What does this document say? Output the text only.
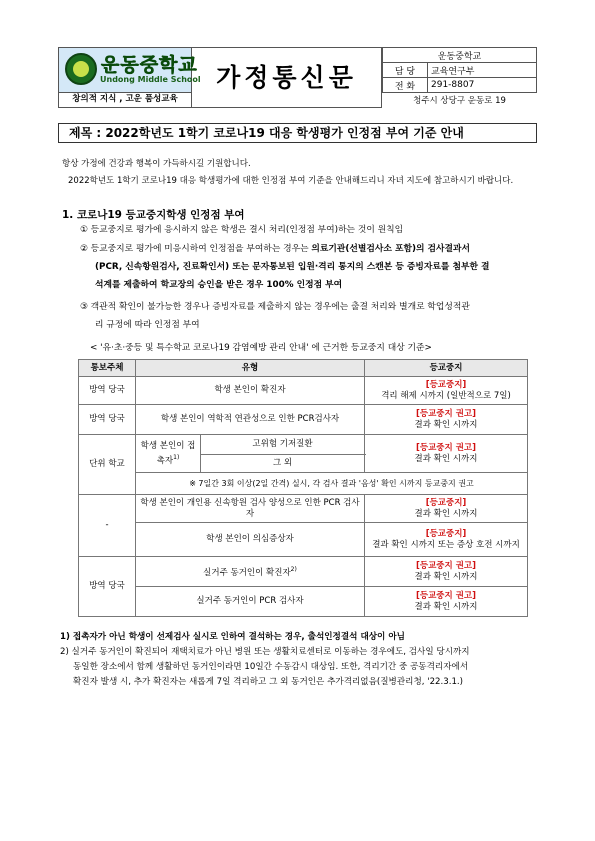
운동중학교
Undong Middle School
창의적 지식 , 고운 품성교육
가정통신문
운동중학교	
담 당	교육연구부
전 화	291-8807
청주시 상당구 운동로 19
제목 : 2022학년도 1학기 코로나19 대응 학생평가 인정점 부여 기준 안내
항상 가정에 건강과 행복이 가득하시길 기원합니다.
2022학년도 1학기 코로나19 대응 학생평가에 대한 인정점 부여 기준을 안내해드리니 자녀 지도에 참고하시기 바랍니다.
1. 코로나19 등교중지학생 인정점 부여
① 등교중지로 평가에 응시하지 않은 학생은 결시 처리(인정점 부여)하는 것이 원칙임
② 등교중지로 평가에 미응시하여 인정점을 부여하는 경우는 의료기관(선별검사소 포함)의 검사결과서
(PCR, 신속항원검사, 진료확인서) 또는 문자통보된 입원·격리 통지의 스캔본 등 증빙자료를 첨부한 결
석계를 제출하여 학교장의 승인을 받은 경우 100% 인정점 부여
③ 객관적 확인이 불가능한 경우나 증빙자료를 제출하지 않는 경우에는 출결 처리와 별개로 학업성적관
리 규정에 따라 인정점 부여
< '유·초·중등 및 특수학교 코로나19 감염예방 관리 안내' 에 근거한 등교중지 대상 기준>
통보주체	유형		등교중지
방역 당국	학생 본인이 확진자		[등교중지]
격리 해제 시까지 (일반적으로 7일)

방역 당국	학생 본인이 역학적 연관성으로 인한 PCR검사자		[등교중지 권고]
결과 확인 시까지

단위 학교	학생 본인이 접촉자$^{1)}$	고위험 기저질환	[등교중지 권고]
결과 확인 시까지

		그 외	
	※ 7일간 3회 이상(2일 간격) 실시, 각 검사 결과 '음성' 확인 시까지 등교중지 권고		
-	학생 본인이 개인용 신속항원 검사 양성으로 인한 PCR 검사자		[등교중지]
결과 확인 시까지

	학생 본인이 의심증상자		[등교중지]
결과 확인 시까지 또는 증상 호전 시까지

방역 당국	실거주 동거인이 확진자$^{2)}$		[등교중지 권고]
결과 확인 시까지

	실거주 동거인이 PCR 검사자		[등교중지 권고]
결과 확인 시까지
1) 접촉자가 아닌 학생이 선제검사 실시로 인하여 결석하는 경우, 출석인정결석 대상이 아님
2) 실거주 동거인이 확진되어 재택치료가 아닌 병원 또는 생활치료센터로 이동하는 경우에도, 검사일 당시까지
동일한 장소에서 함께 생활하던 동거인이라면 10일간 수동감시 대상임. 또한, 격리기간 중 공동격리자에서
확진자 발생 시, 추가 확진자는 새롭게 7일 격리하고 그 외 동거인은 추가격리없음(질병관리청, '22.3.1.)
